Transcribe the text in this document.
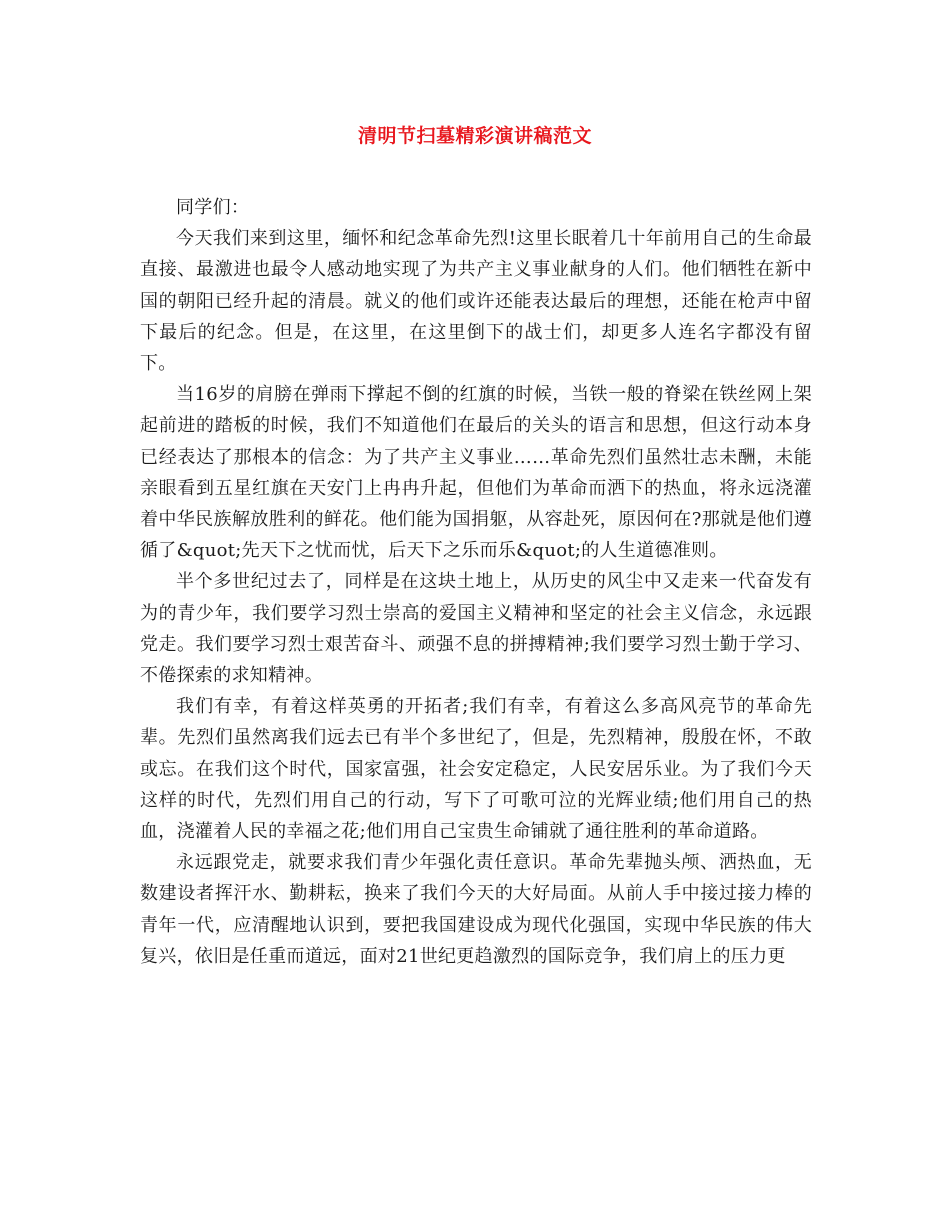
清明节扫墓精彩演讲稿范文

同学们：

今天我们来到这里，缅怀和纪念革命先烈!这里长眠着几十年前用自己的生命最直接、最激进也最令人感动地实现了为共产主义事业献身的人们。他们牺牲在新中国的朝阳已经升起的清晨。就义的他们或许还能表达最后的理想，还能在枪声中留下最后的纪念。但是，在这里，在这里倒下的战士们，却更多人连名字都没有留下。

当16岁的肩膀在弹雨下撑起不倒的红旗的时候，当铁一般的脊梁在铁丝网上架起前进的踏板的时候，我们不知道他们在最后的关头的语言和思想，但这行动本身已经表达了那根本的信念：为了共产主义事业……革命先烈们虽然壮志未酬，未能亲眼看到五星红旗在天安门上冉冉升起，但他们为革命而洒下的热血，将永远浇灌着中华民族解放胜利的鲜花。他们能为国捐躯，从容赴死，原因何在?那就是他们遵循了&quot;先天下之忧而忧，后天下之乐而乐&quot;的人生道德准则。

半个多世纪过去了，同样是在这块土地上，从历史的风尘中又走来一代奋发有为的青少年，我们要学习烈士崇高的爱国主义精神和坚定的社会主义信念，永远跟党走。我们要学习烈士艰苦奋斗、顽强不息的拼搏精神;我们要学习烈士勤于学习、不倦探索的求知精神。

我们有幸，有着这样英勇的开拓者;我们有幸，有着这么多高风亮节的革命先辈。先烈们虽然离我们远去已有半个多世纪了，但是，先烈精神，殷殷在怀，不敢或忘。在我们这个时代，国家富强，社会安定稳定，人民安居乐业。为了我们今天这样的时代，先烈们用自己的行动，写下了可歌可泣的光辉业绩;他们用自己的热血，浇灌着人民的幸福之花;他们用自己宝贵生命铺就了通往胜利的革命道路。

永远跟党走，就要求我们青少年强化责任意识。革命先辈抛头颅、洒热血，无数建设者挥汗水、勤耕耘，换来了我们今天的大好局面。从前人手中接过接力棒的青年一代，应清醒地认识到，要把我国建设成为现代化强国，实现中华民族的伟大复兴，依旧是任重而道远，面对21世纪更趋激烈的国际竞争，我们肩上的压力更
